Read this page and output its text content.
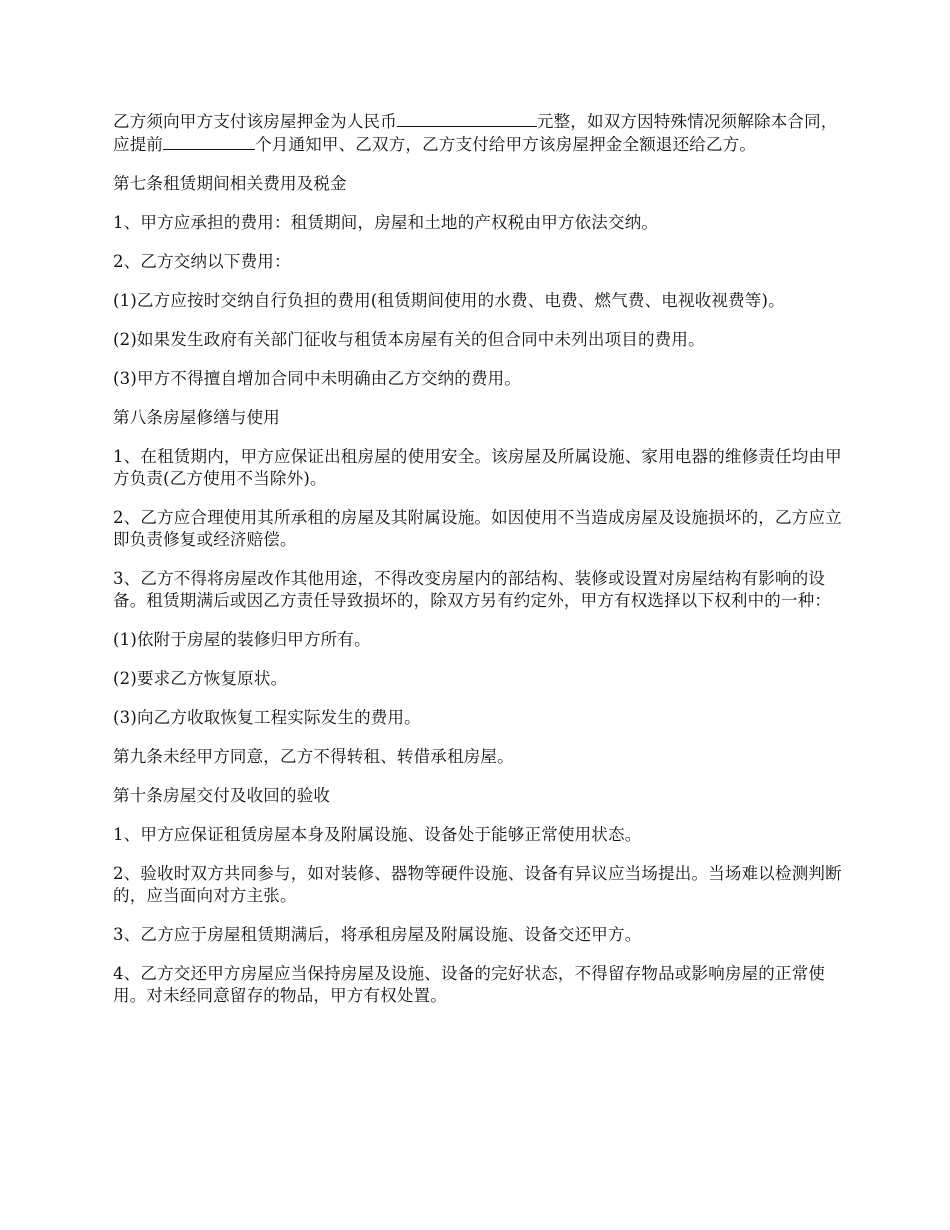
乙方须向甲方支付该房屋押金为人民币	元整，如双方因特殊情况须解除本合同，应提前	个月通知甲、乙双方，乙方支付给甲方该房屋押金全额退还给乙方。

第七条租赁期间相关费用及税金

1、甲方应承担的费用：租赁期间，房屋和土地的产权税由甲方依法交纳。

2、乙方交纳以下费用：

(1)乙方应按时交纳自行负担的费用(租赁期间使用的水费、电费、燃气费、电视收视费等)。

(2)如果发生政府有关部门征收与租赁本房屋有关的但合同中未列出项目的费用。

(3)甲方不得擅自增加合同中未明确由乙方交纳的费用。

第八条房屋修缮与使用

1、在租赁期内，甲方应保证出租房屋的使用安全。该房屋及所属设施、家用电器的维修责任均由甲方负责(乙方使用不当除外)。

2、乙方应合理使用其所承租的房屋及其附属设施。如因使用不当造成房屋及设施损坏的，乙方应立即负责修复或经济赔偿。

3、乙方不得将房屋改作其他用途，不得改变房屋内的部结构、装修或设置对房屋结构有影响的设备。租赁期满后或因乙方责任导致损坏的，除双方另有约定外，甲方有权选择以下权利中的一种：

(1)依附于房屋的装修归甲方所有。

(2)要求乙方恢复原状。

(3)向乙方收取恢复工程实际发生的费用。

第九条未经甲方同意，乙方不得转租、转借承租房屋。

第十条房屋交付及收回的验收

1、甲方应保证租赁房屋本身及附属设施、设备处于能够正常使用状态。

2、验收时双方共同参与，如对装修、器物等硬件设施、设备有异议应当场提出。当场难以检测判断的，应当面向对方主张。

3、乙方应于房屋租赁期满后，将承租房屋及附属设施、设备交还甲方。

4、乙方交还甲方房屋应当保持房屋及设施、设备的完好状态，不得留存物品或影响房屋的正常使用。对未经同意留存的物品，甲方有权处置。
